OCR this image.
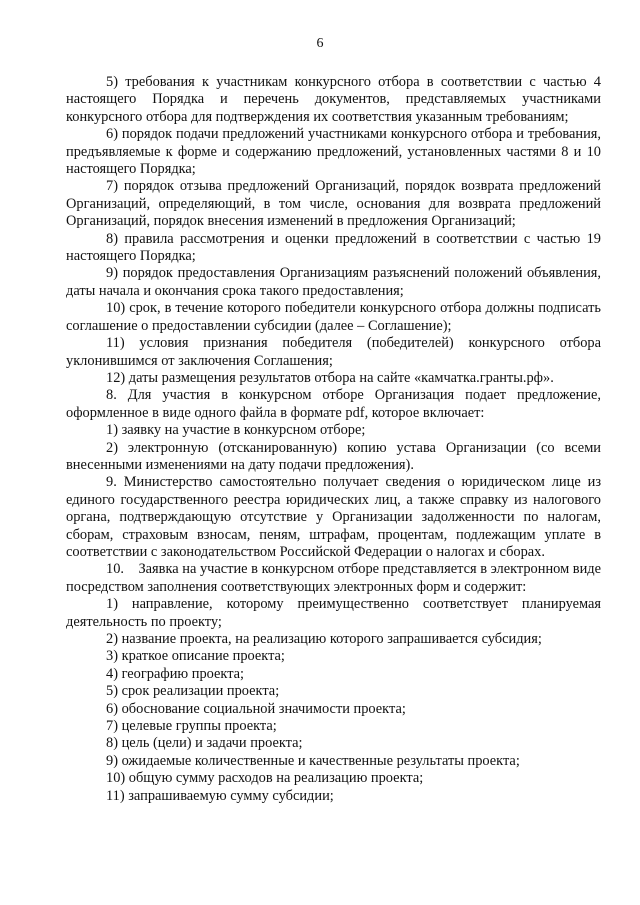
6

5) требования к участникам конкурсного отбора в соответствии с частью 4 настоящего Порядка и перечень документов, представляемых участниками конкурсного отбора для подтверждения их соответствия указанным требованиям;

6) порядок подачи предложений участниками конкурсного отбора и требования, предъявляемые к форме и содержанию предложений, установленных частями 8 и 10 настоящего Порядка;

7) порядок отзыва предложений Организаций, порядок возврата предложений Организаций, определяющий, в том числе, основания для возврата предложений Организаций, порядок внесения изменений в предложения Организаций;

8) правила рассмотрения и оценки предложений в соответствии с частью 19 настоящего Порядка;

9) порядок предоставления Организациям разъяснений положений объявления, даты начала и окончания срока такого предоставления;

10) срок, в течение которого победители конкурсного отбора должны подписать соглашение о предоставлении субсидии (далее – Соглашение);

11) условия признания победителя (победителей) конкурсного отбора уклонившимся от заключения Соглашения;

12) даты размещения результатов отбора на сайте «камчатка.гранты.рф».

8. Для участия в конкурсном отборе Организация подает предложение, оформленное в виде одного файла в формате pdf, которое включает:

1) заявку на участие в конкурсном отборе;

2) электронную (отсканированную) копию устава Организации (со всеми внесенными изменениями на дату подачи предложения).

9. Министерство самостоятельно получает сведения о юридическом лице из единого государственного реестра юридических лиц, а также справку из налогового органа, подтверждающую отсутствие у Организации задолженности по налогам, сборам, страховым взносам, пеням, штрафам, процентам, подлежащим уплате в соответствии с законодательством Российской Федерации о налогах и сборах.

10.    Заявка на участие в конкурсном отборе представляется в электронном виде посредством заполнения соответствующих электронных форм и содержит:

1) направление, которому преимущественно соответствует планируемая деятельность по проекту;

2) название проекта, на реализацию которого запрашивается субсидия;

3) краткое описание проекта;

4) географию проекта;

5) срок реализации проекта;

6) обоснование социальной значимости проекта;

7) целевые группы проекта;

8) цель (цели) и задачи проекта;

9) ожидаемые количественные и качественные результаты проекта;

10) общую сумму расходов на реализацию проекта;

11) запрашиваемую сумму субсидии;
